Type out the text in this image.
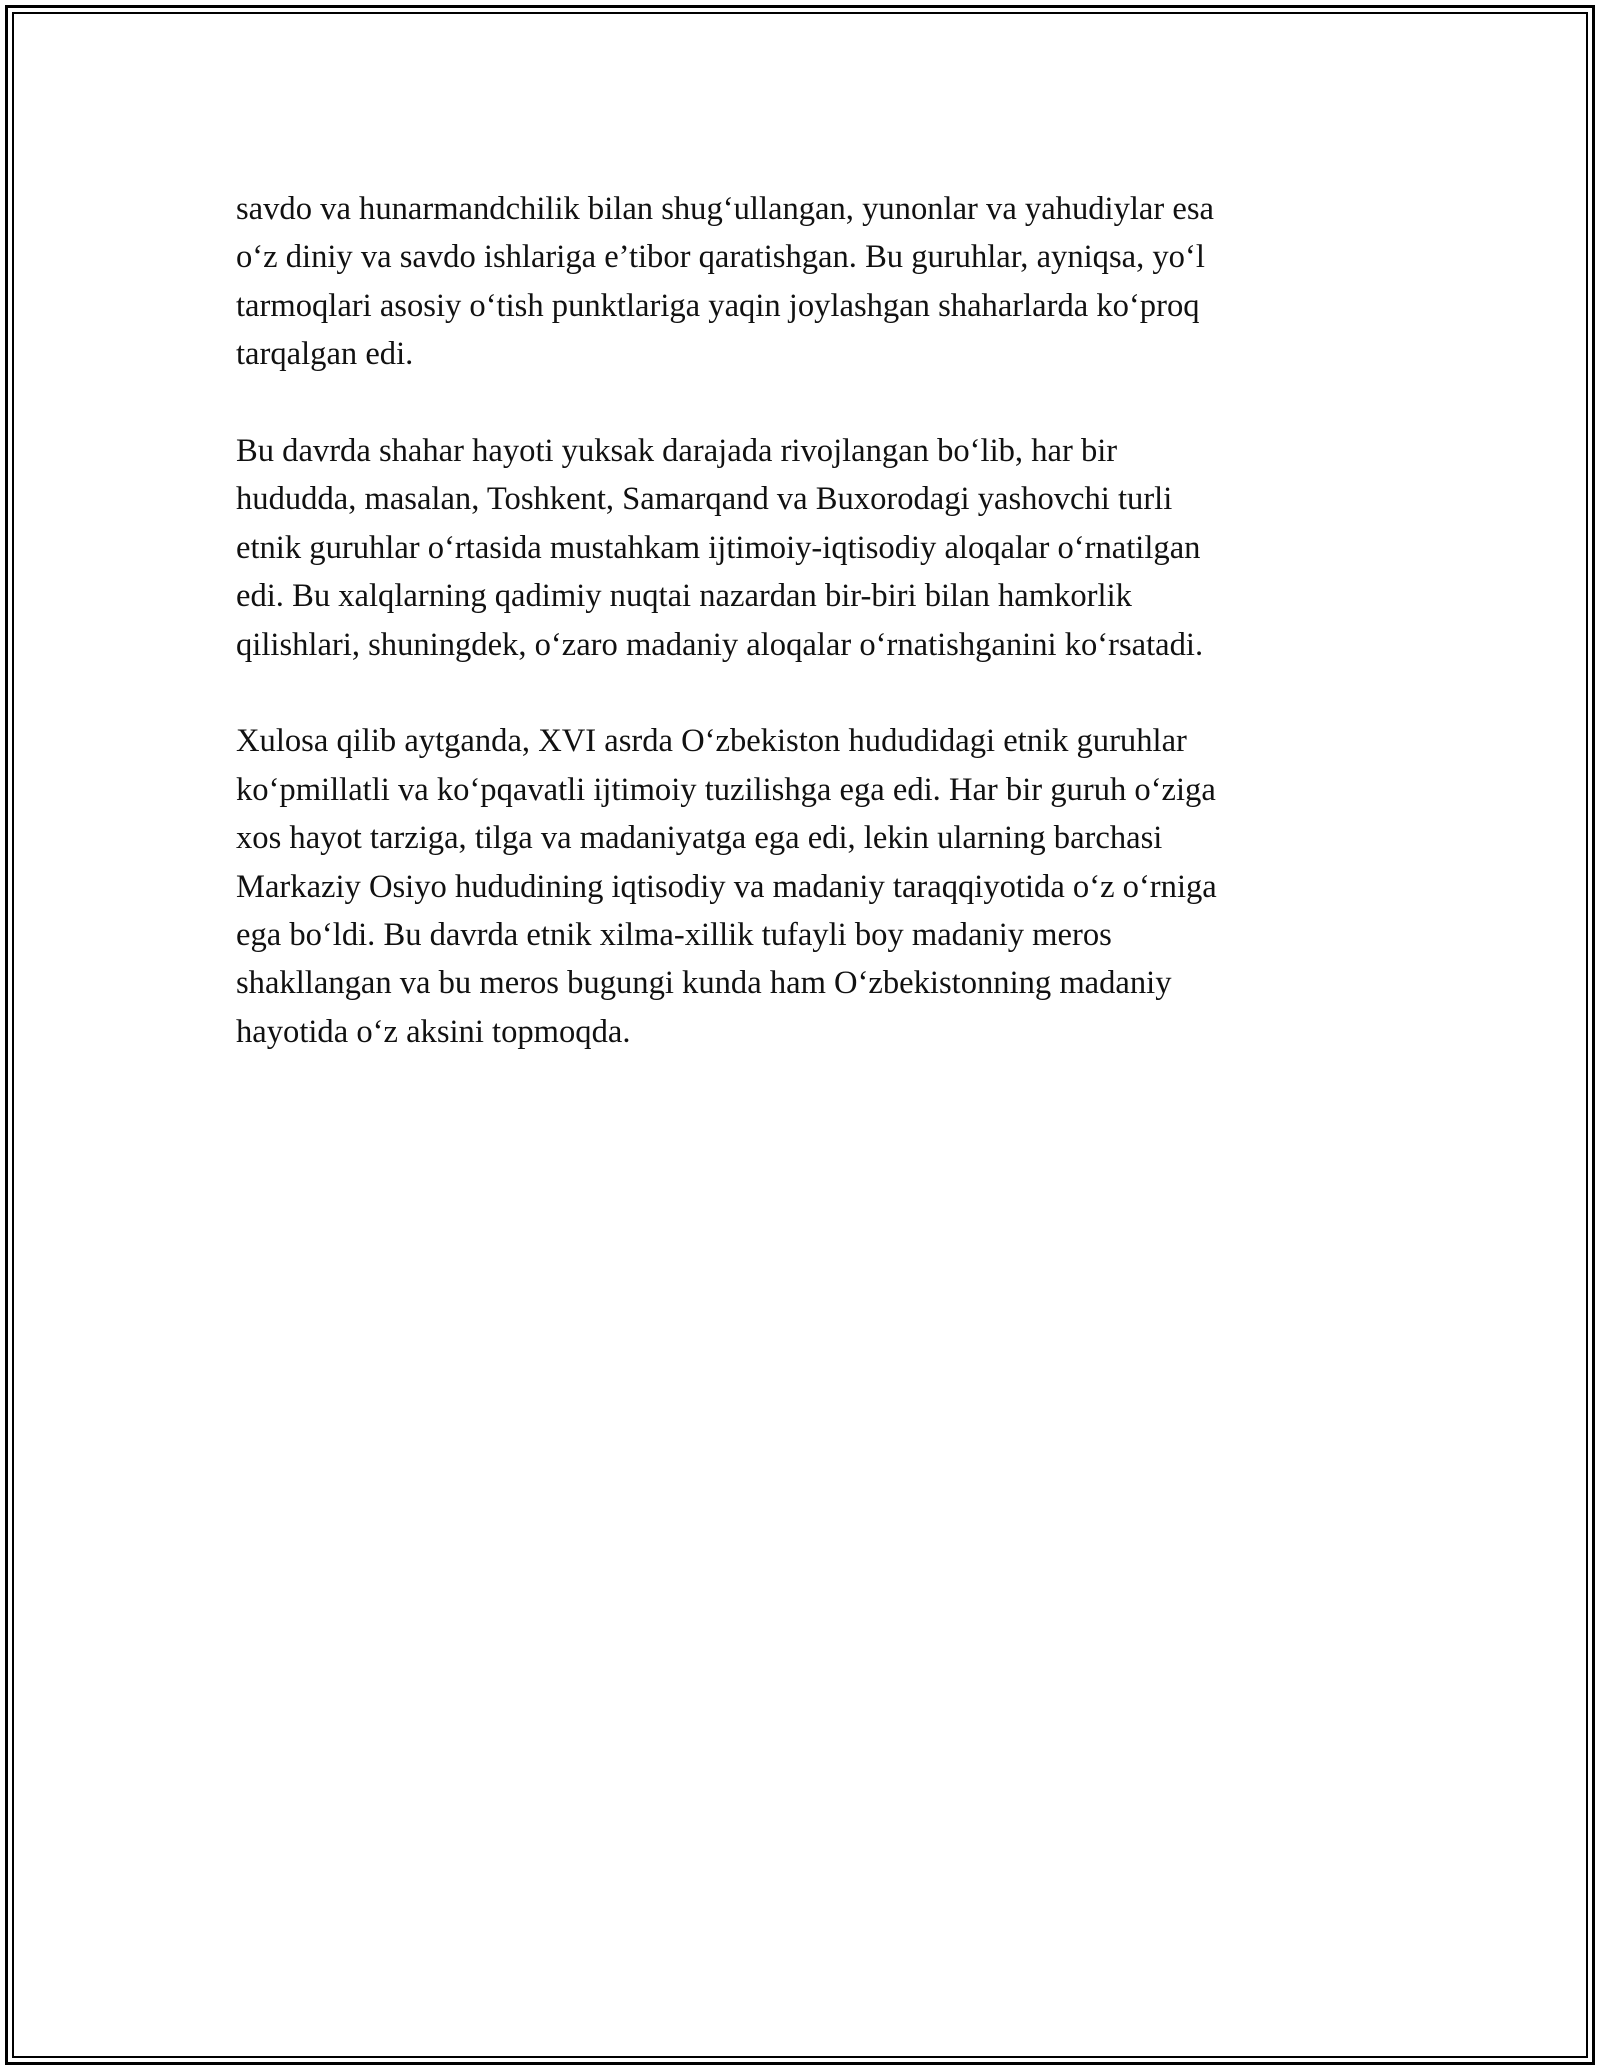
savdo va hunarmandchilik bilan shug‘ullangan, yunonlar va yahudiylar esa
o‘z diniy va savdo ishlariga e’tibor qaratishgan. Bu guruhlar, ayniqsa, yo‘l
tarmoqlari asosiy o‘tish punktlariga yaqin joylashgan shaharlarda ko‘proq
tarqalgan edi.

Bu davrda shahar hayoti yuksak darajada rivojlangan bo‘lib, har bir
hududda, masalan, Toshkent, Samarqand va Buxorodagi yashovchi turli
etnik guruhlar o‘rtasida mustahkam ijtimoiy-iqtisodiy aloqalar o‘rnatilgan
edi. Bu xalqlarning qadimiy nuqtai nazardan bir-biri bilan hamkorlik
qilishlari, shuningdek, o‘zaro madaniy aloqalar o‘rnatishganini ko‘rsatadi.

Xulosa qilib aytganda, XVI asrda O‘zbekiston hududidagi etnik guruhlar
ko‘pmillatli va ko‘pqavatli ijtimoiy tuzilishga ega edi. Har bir guruh o‘ziga
xos hayot tarziga, tilga va madaniyatga ega edi, lekin ularning barchasi
Markaziy Osiyo hududining iqtisodiy va madaniy taraqqiyotida o‘z o‘rniga
ega bo‘ldi. Bu davrda etnik xilma-xillik tufayli boy madaniy meros
shakllangan va bu meros bugungi kunda ham O‘zbekistonning madaniy
hayotida o‘z aksini topmoqda.
